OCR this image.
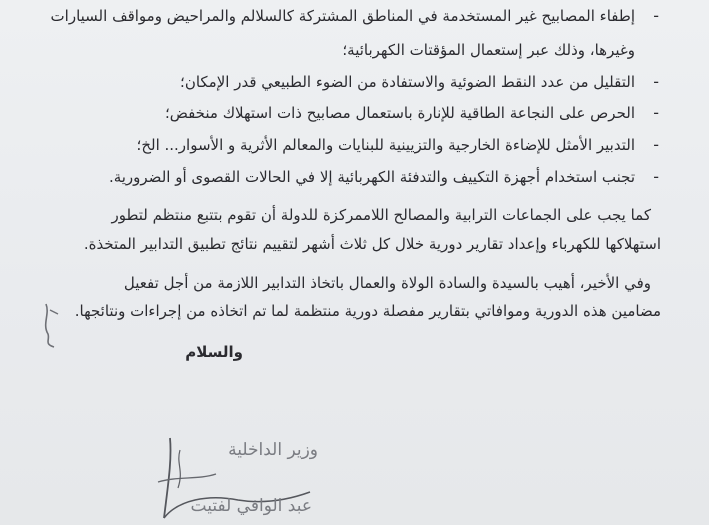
-
إطفاء المصابيح غير المستخدمة في المناطق المشتركة كالسلالم والمراحيض ومواقف السيارات
وغيرها، وذلك عبر إستعمال المؤقتات الكهربائية؛
-
التقليل من عدد النقط الضوئية والاستفادة من الضوء الطبيعي قدر الإمكان؛
-
الحرص على النجاعة الطاقية للإنارة باستعمال مصابيح ذات استهلاك منخفض؛
-
التدبير الأمثل للإضاءة الخارجية والتزيينية للبنايات والمعالم الأثرية و الأسوار... الخ؛
-
تجنب استخدام أجهزة التكييف والتدفئة الكهربائية إلا في الحالات القصوى أو الضرورية.
كما يجب على الجماعات الترابية والمصالح اللاممركزة للدولة أن تقوم بتتبع منتظم لتطور
استهلاكها للكهرباء وإعداد تقارير دورية خلال كل ثلاث أشهر لتقييم نتائج تطبيق التدابير المتخذة.
وفي الأخير، أهيب بالسيدة والسادة الولاة والعمال باتخاذ التدابير اللازمة من أجل تفعيل
مضامين هذه الدورية وموافاتي بتقارير مفصلة دورية منتظمة لما تم اتخاذه من إجراءات ونتائجها.
والسلام
وزير الداخلية
عبد الوافي لفتيت
